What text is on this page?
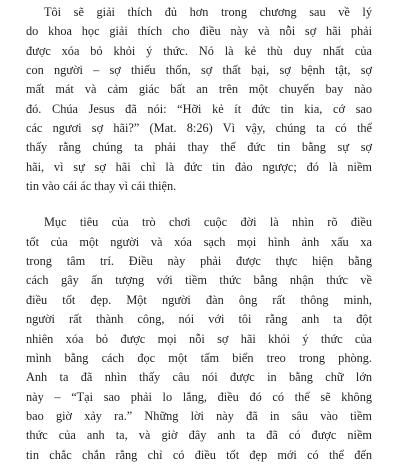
Tôi sẽ giải thích đủ hơn trong chương sau về lý
do khoa học giải thích cho điều này và nỗi sợ hãi phải
được xóa bỏ khỏi ý thức. Nó là kẻ thù duy nhất của
con người – sợ thiếu thốn, sợ thất bại, sợ bệnh tật, sợ
mất mát và cảm giác bất an trên một chuyến bay nào
đó. Chúa Jesus đã nói: “Hỡi kẻ ít đức tin kia, cớ sao
các ngươi sợ hãi?” (Mat. 8:26) Vì vậy, chúng ta có thể
thấy rằng chúng ta phải thay thế đức tin bằng sự sợ
hãi, vì sự sợ hãi chỉ là đức tin đảo ngược; đó là niềm
tin vào cái ác thay vì cái thiện.

Mục tiêu của trò chơi cuộc đời là nhìn rõ điều
tốt của một người và xóa sạch mọi hình ảnh xấu xa
trong tâm trí. Điều này phải được thực hiện bằng
cách gây ấn tượng với tiềm thức bằng nhận thức về
điều tốt đẹp. Một người đàn ông rất thông minh,
người rất thành công, nói với tôi rằng anh ta đột
nhiên xóa bỏ được mọi nỗi sợ hãi khỏi ý thức của
mình bằng cách đọc một tấm biển treo trong phòng.
Anh ta đã nhìn thấy câu nói được in bằng chữ lớn
này – “Tại sao phải lo lắng, điều đó có thể sẽ không
bao giờ xảy ra.” Những lời này đã in sâu vào tiềm
thức của anh ta, và giờ đây anh ta đã có được niềm
tin chắc chắn rằng chỉ có điều tốt đẹp mới có thể đến
